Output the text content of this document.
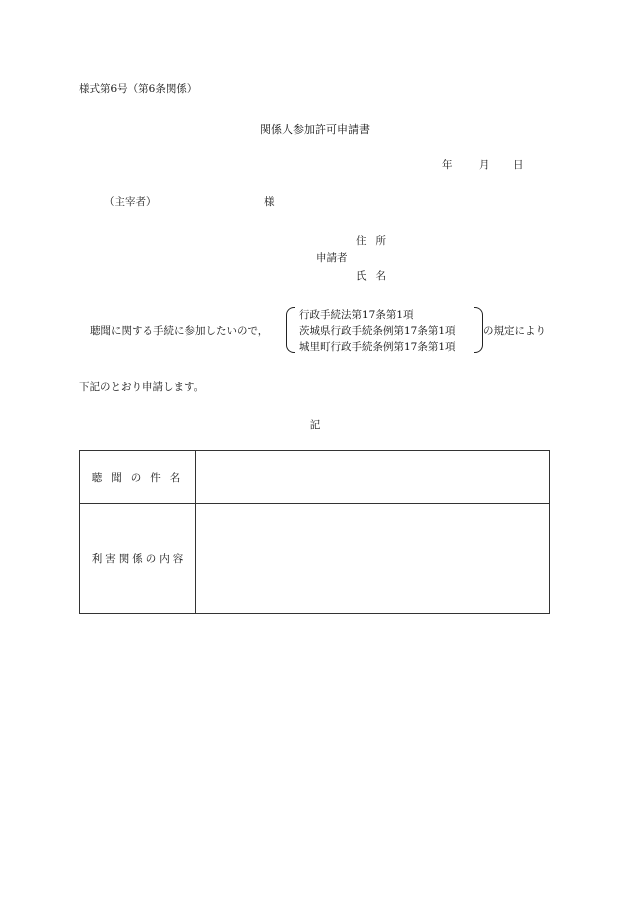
様式第6号（第6条関係）
関係人参加許可申請書
年	月 日
（主宰者）	様
住所
申請者
氏名
聴聞に関する手続に参加したいので，
行政手続法第17条第1項
茨城県行政手続条例第17条第1項
城里町行政手続条例第17条第1項
の規定により
下記のとおり申請します。
記
聴聞の件名
利害関係の内容
